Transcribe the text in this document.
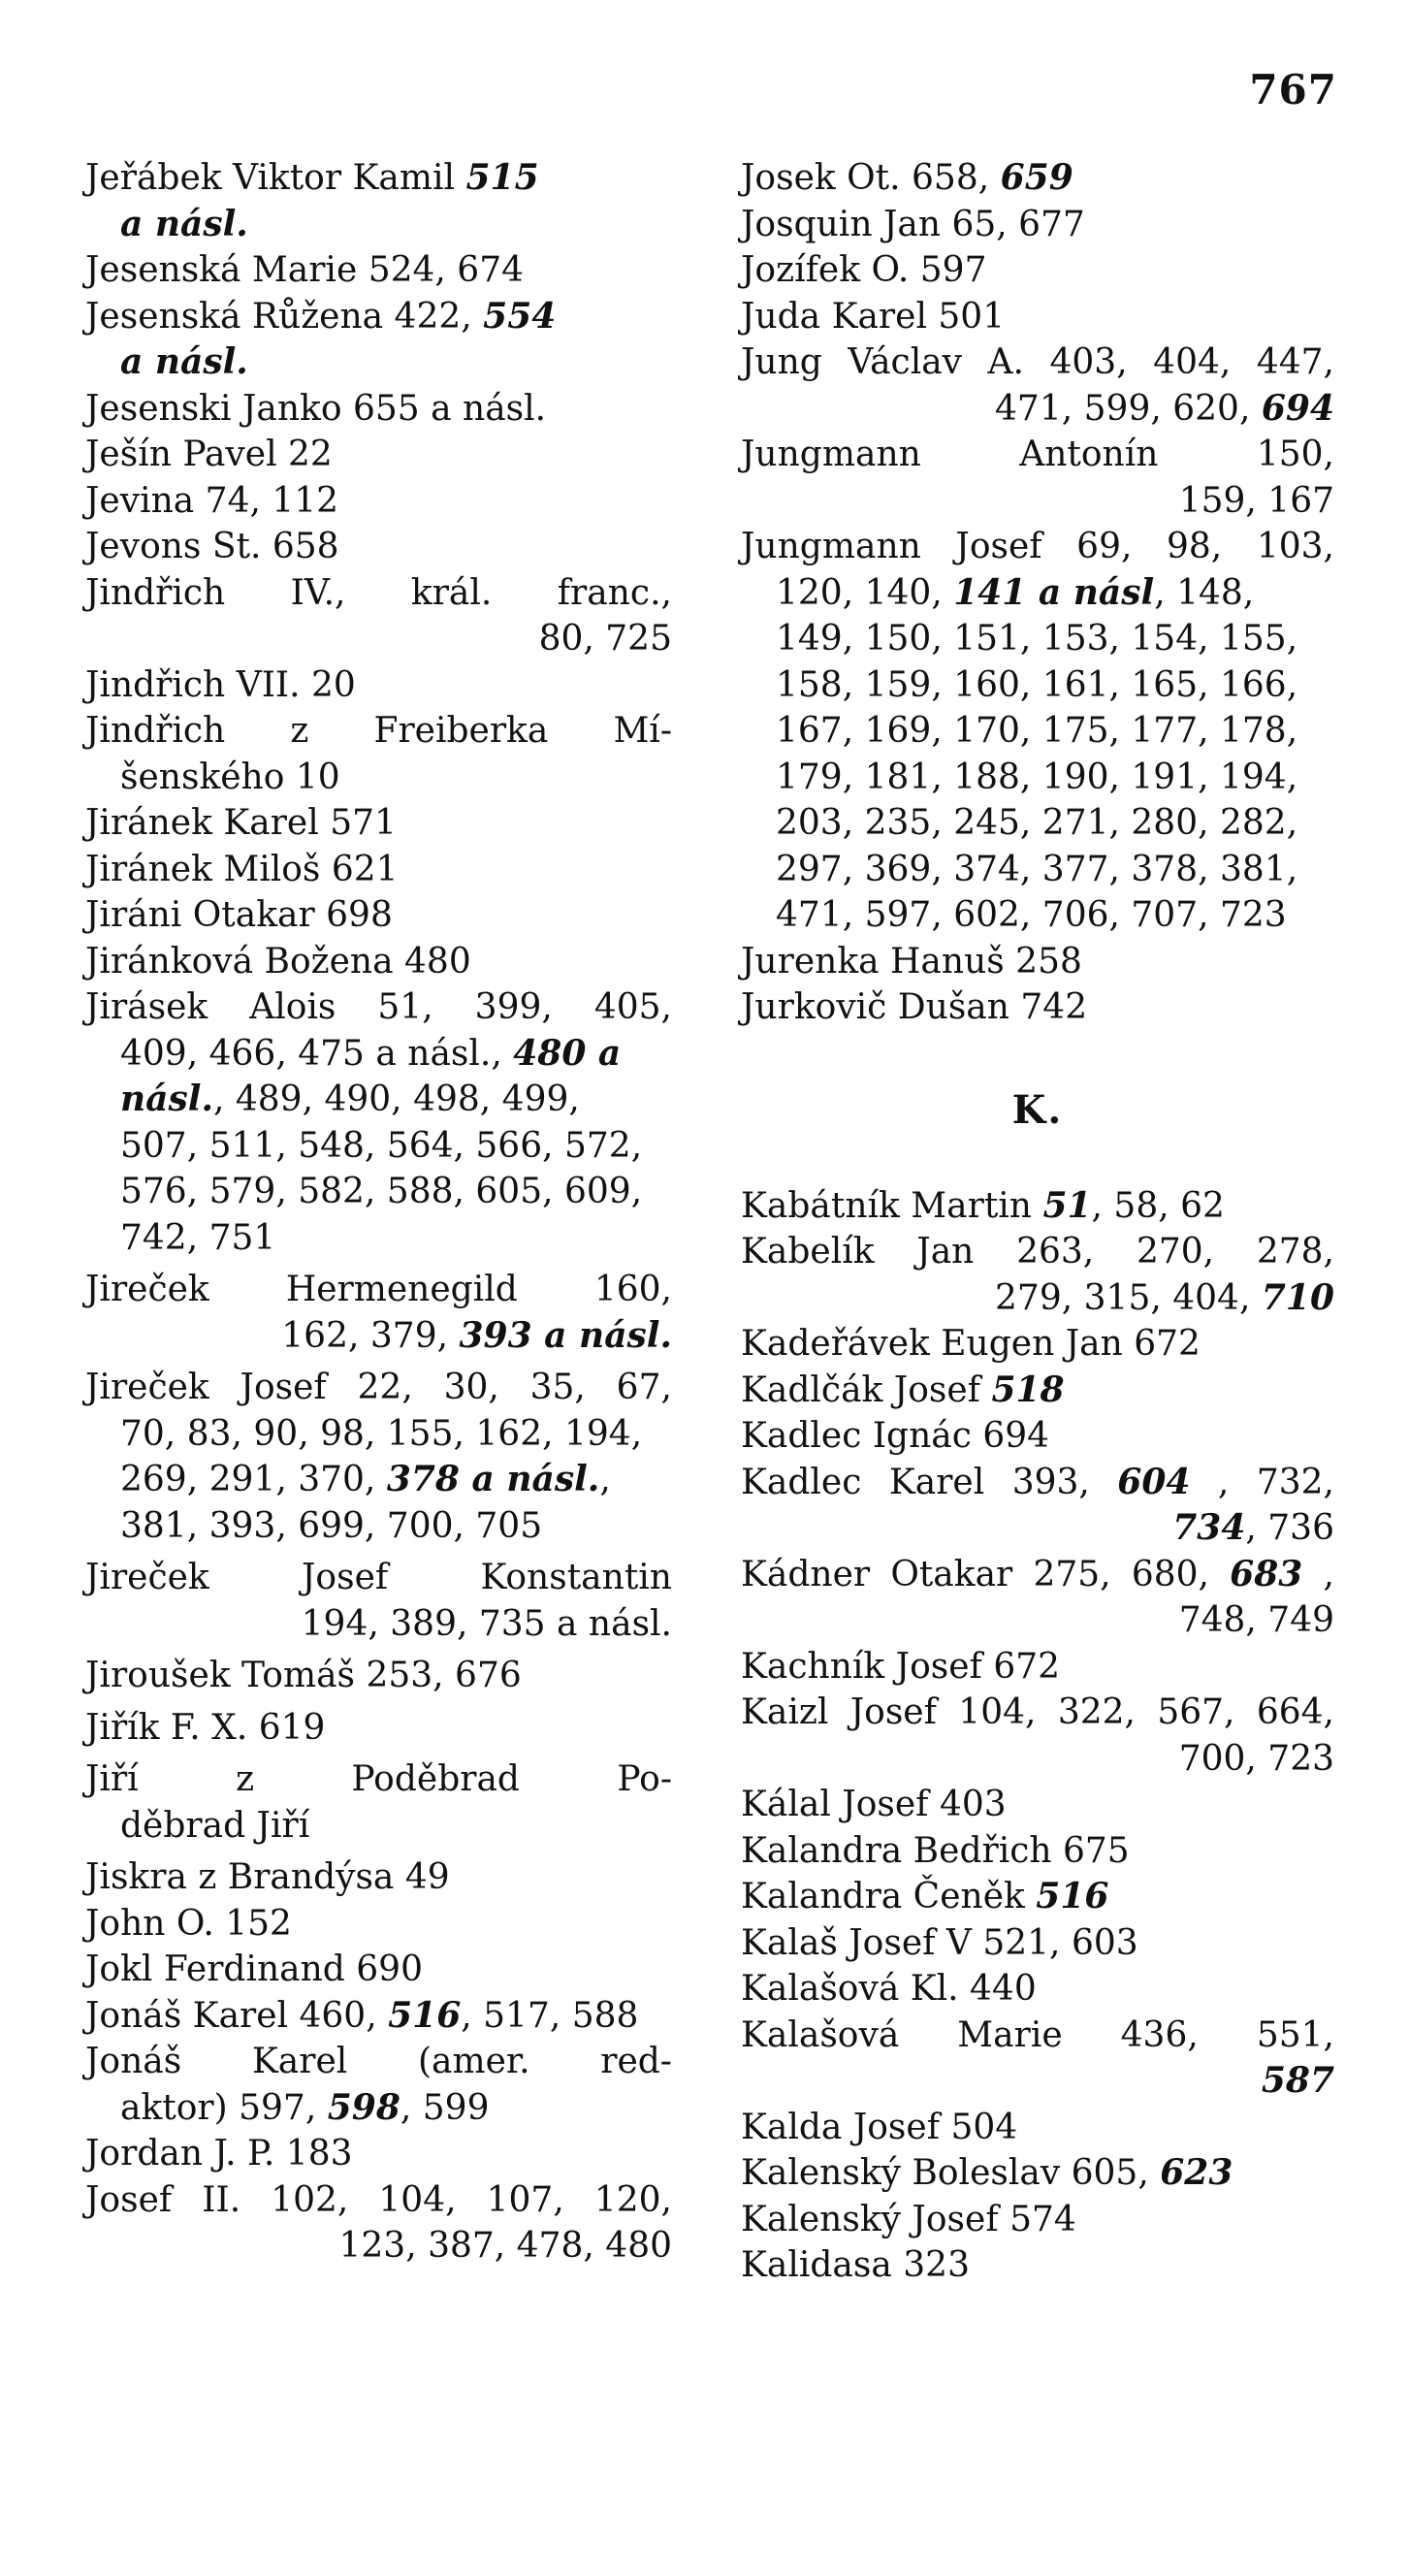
767
Jeřábek Viktor Kamil 515
a násl.
Jesenská Marie 524, 674
Jesenská Růžena 422, 554
a násl.
Jesenski Janko 655 a násl.
Ješín Pavel 22
Jevina 74, 112
Jevons St. 658
Jindřich IV., král. franc.,
80, 725
Jindřich VII. 20
Jindřich z Freiberka Mí-
šenského 10
Jiránek Karel 571
Jiránek Miloš 621
Jiráni Otakar 698
Jiránková Božena 480
Jirásek Alois 51, 399, 405,
409, 466, 475 a násl., 480 a
násl., 489, 490, 498, 499,
507, 511, 548, 564, 566, 572,
576, 579, 582, 588, 605, 609,
742, 751
Jireček Hermenegild 160,
162, 379, 393 a násl.
Jireček Josef 22, 30, 35, 67,
70, 83, 90, 98, 155, 162, 194,
269, 291, 370, 378 a násl.,
381, 393, 699, 700, 705
Jireček	Josef	Konstantin
194, 389, 735 a násl.
Jiroušek Tomáš 253, 676
Jiřík F. X. 619
Jiří	z	Poděbrad	Po-
děbrad Jiří
Jiskra z Brandýsa 49
John O. 152
Jokl Ferdinand 690
Jonáš Karel 460, 516, 517, 588
Jonáš Karel (amer. red-
aktor) 597, 598, 599
Jordan J. P. 183
Josef II. 102, 104, 107, 120,
123, 387, 478, 480
Josek Ot. 658, 659
Josquin Jan 65, 677
Jozífek O. 597
Juda Karel 501
Jung Václav A. 403, 404, 447,
471, 599, 620, 694
Jungmann	Antonín	150,
159, 167
Jungmann Josef 69, 98, 103,
120, 140, 141 a násl, 148,
149, 150, 151, 153, 154, 155,
158, 159, 160, 161, 165, 166,
167, 169, 170, 175, 177, 178,
179, 181, 188, 190, 191, 194,
203, 235, 245, 271, 280, 282,
297, 369, 374, 377, 378, 381,
471, 597, 602, 706, 707, 723
Jurenka Hanuš 258
Jurkovič Dušan 742
K.
Kabátník Martin 51, 58, 62
Kabelík Jan 263, 270, 278,
279, 315, 404, 710
Kadeřávek Eugen Jan 672
Kadlčák Josef 518
Kadlec Ignác 694
Kadlec Karel 393, 604 , 732,
734, 736
Kádner Otakar 275, 680, 683 ,
748, 749
Kachník Josef 672
Kaizl Josef 104, 322, 567, 664,
700, 723
Kálal Josef 403
Kalandra Bedřich 675
Kalandra Čeněk 516
Kalaš Josef V 521, 603
Kalašová Kl. 440
Kalašová Marie 436, 551,
587
Kalda Josef 504
Kalenský Boleslav 605, 623
Kalenský Josef 574
Kalidasa 323
